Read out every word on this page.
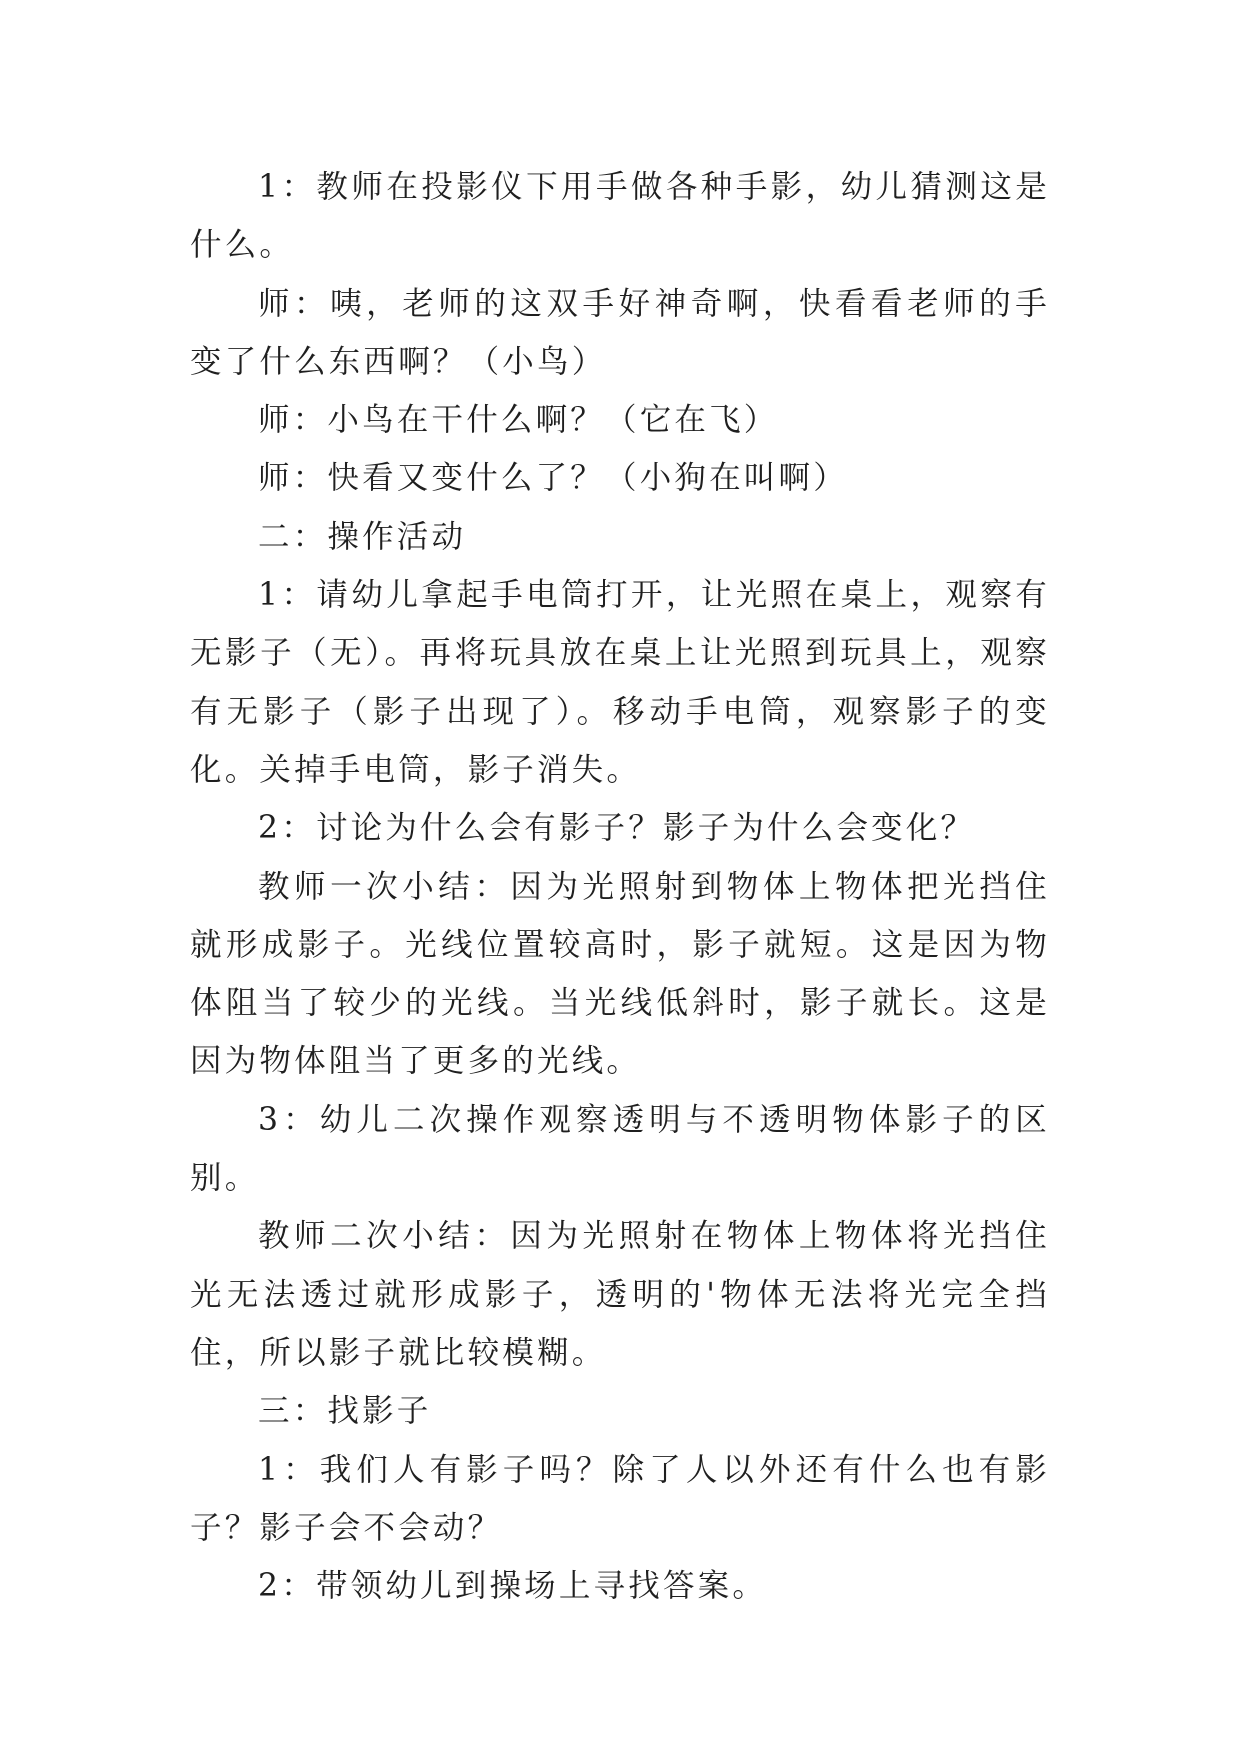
1：教师在投影仪下用手做各种手影，幼儿猜测这是什么。

师：咦，老师的这双手好神奇啊，快看看老师的手变了什么东西啊？（小鸟）

师：小鸟在干什么啊？（它在飞）

师：快看又变什么了？（小狗在叫啊）

二：操作活动

1：请幼儿拿起手电筒打开，让光照在桌上，观察有无影子（无）。再将玩具放在桌上让光照到玩具上，观察有无影子（影子出现了）。移动手电筒，观察影子的变化。关掉手电筒，影子消失。

2：讨论为什么会有影子？影子为什么会变化？

教师一次小结：因为光照射到物体上物体把光挡住就形成影子。光线位置较高时，影子就短。这是因为物体阻当了较少的光线。当光线低斜时，影子就长。这是因为物体阻当了更多的光线。

3：幼儿二次操作观察透明与不透明物体影子的区别。

教师二次小结：因为光照射在物体上物体将光挡住光无法透过就形成影子，透明的'物体无法将光完全挡住，所以影子就比较模糊。

三：找影子

1：我们人有影子吗？除了人以外还有什么也有影子？影子会不会动？

2：带领幼儿到操场上寻找答案。
